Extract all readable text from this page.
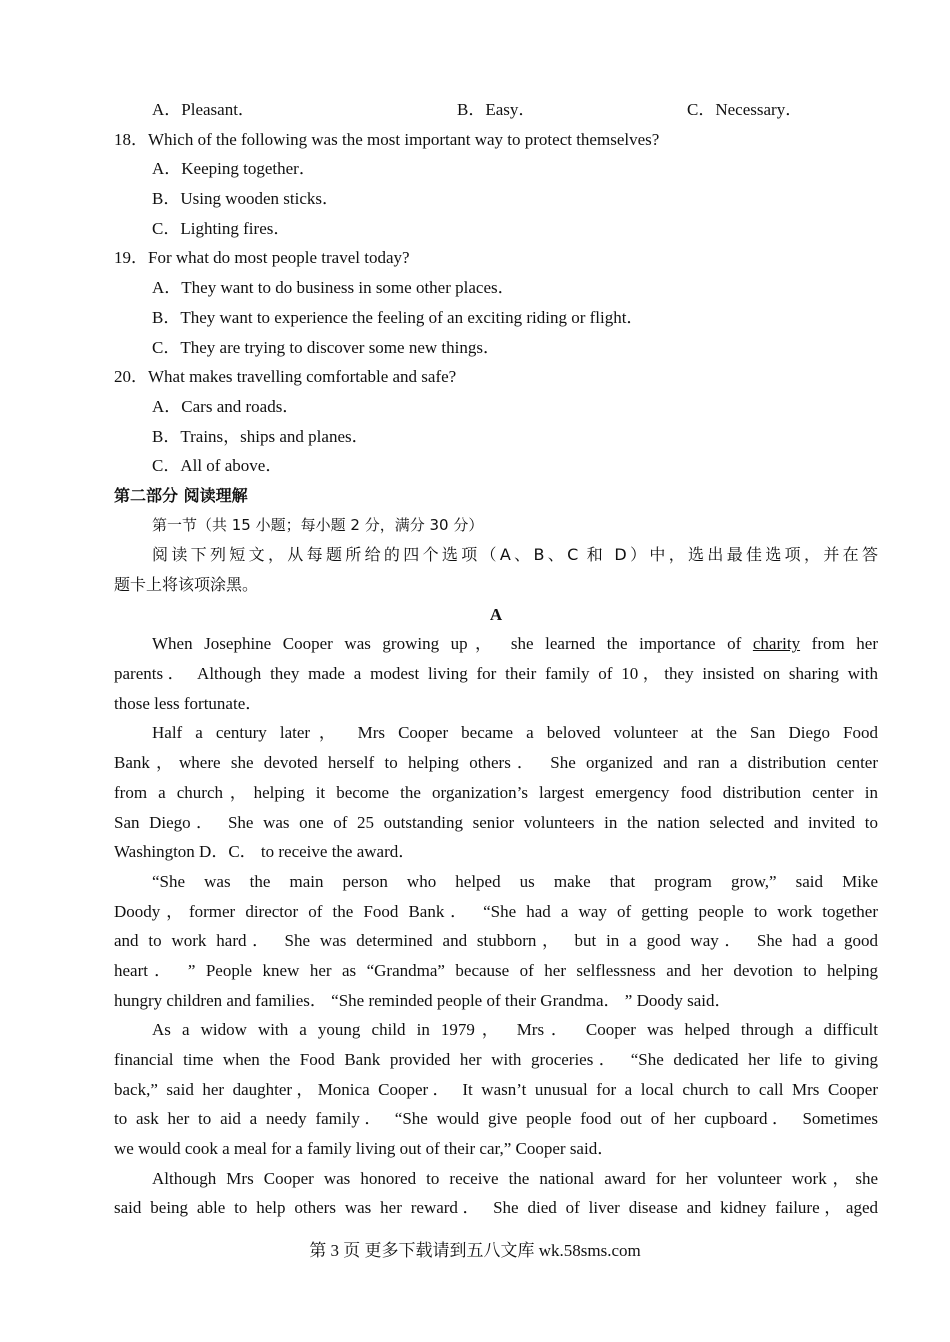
A．Pleasant．	B．Easy．	C．Necessary．
18．Which of the following was the most important way to protect themselves?
A．Keeping together．
B．Using wooden sticks．
C．Lighting fires．
19．For what do most people travel today?
A．They want to do business in some other places．
B．They want to experience the feeling of an exciting riding or flight．
C．They are trying to discover some new things．
20．What makes travelling comfortable and safe?
A．Cars and roads．
B．Trains，ships and planes．
C．All of above．
第二部分 阅读理解
第一节（共 15 小题；每小题 2 分，满分 30 分）
阅读下列短文，从每题所给的四个选项（A、B、C 和 D）中，选出最佳选项，并在答
题卡上将该项涂黑。
A
When Josephine Cooper was growing up， she learned the importance of charity from her
parents． Although they made a modest living for their family of 10，they insisted on sharing with
those less fortunate．
Half a century later， Mrs Cooper became a beloved volunteer at the San Diego Food
Bank，where she devoted herself to helping others． She organized and ran a distribution center
from a church，helping it become the organization’s largest emergency food distribution center in
San Diego． She was one of 25 outstanding senior volunteers in the nation selected and invited to
Washington D．C． to receive the award．
“She was the main person who helped us make that program grow,” said Mike
Doody，former director of the Food Bank． “She had a way of getting people to work together
and to work hard． She was determined and stubborn， but in a good way． She had a good
heart． ” People knew her as “Grandma” because of her selflessness and her devotion to helping
hungry children and families． “She reminded people of their Grandma． ” Doody said．
As a widow with a young child in 1979， Mrs． Cooper was helped through a difficult
financial time when the Food Bank provided her with groceries． “She dedicated her life to giving
back,” said her daughter，Monica Cooper． It wasn’t unusual for a local church to call Mrs Cooper
to ask her to aid a needy family． “She would give people food out of her cupboard． Sometimes
we would cook a meal for a family living out of their car,” Cooper said．
Although Mrs Cooper was honored to receive the national award for her volunteer work，she
said being able to help others was her reward． She died of liver disease and kidney failure，aged
第 3 页 更多下载请到五八文库 wk.58sms.com
